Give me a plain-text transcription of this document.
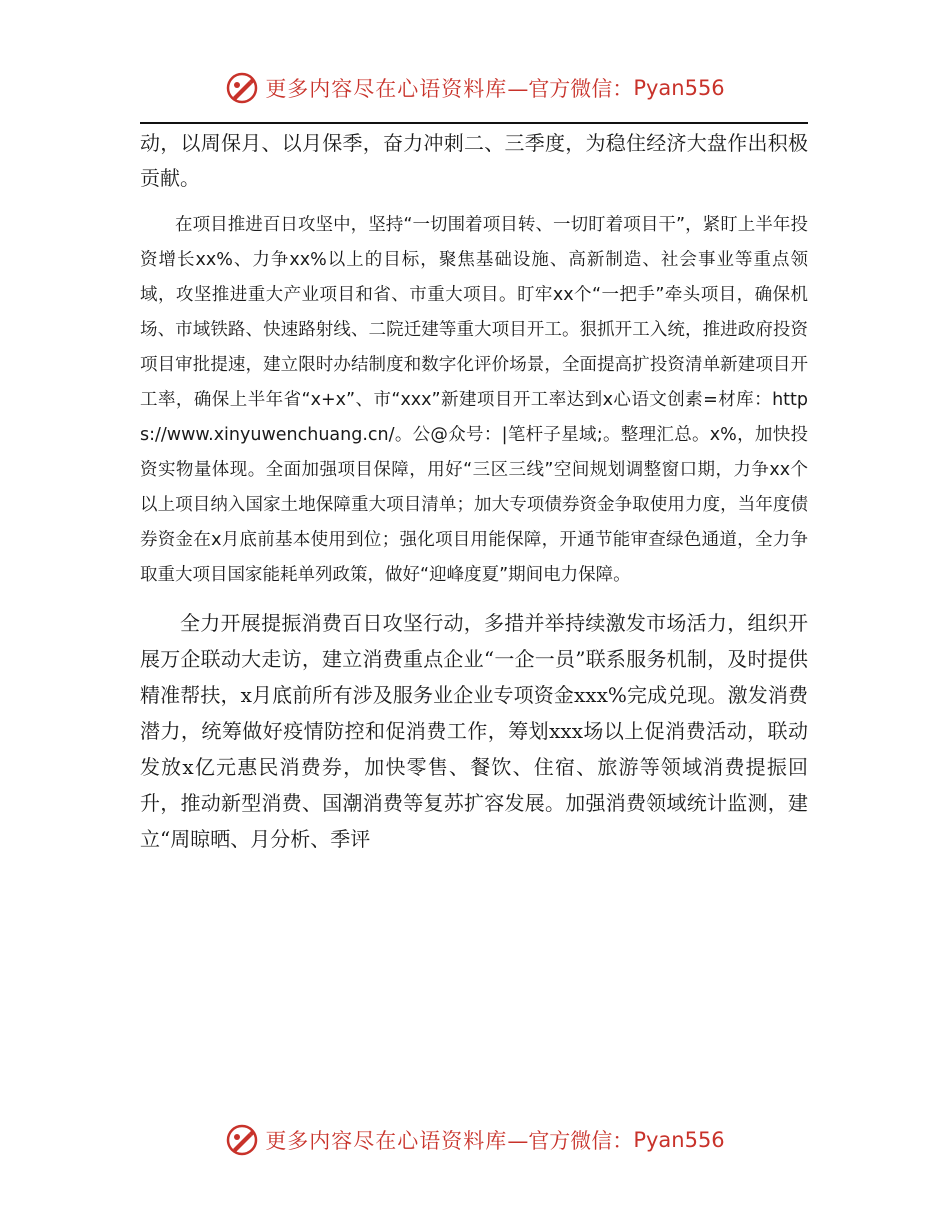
更多内容尽在心语资料库 —官方微信： Pyan556

动，以周保月、以月保季，奋力冲刺二、三季度，为稳住经济大盘作出积极贡献。

在项目推进百日攻坚中，坚持“一切围着项目转、一切盯着项目干”，紧盯上半年投资增长xx%、力争xx%以上的目标，聚焦基础设施、高新制造、社会事业等重点领域，攻坚推进重大产业项目和省、市重大项目。盯牢xx个“一把手”牵头项目，确保机场、市域铁路、快速路射线、二院迁建等重大项目开工。狠抓开工入统，推进政府投资项目审批提速，建立限时办结制度和数字化评价场景，全面提高扩投资清单新建项目开工率，确保上半年省“x+x”、市“xxx”新建项目开工率达到x心语文创素=材库：https://www.xinyuwenchuang.cn/。公@众号：|笔杆子星域;。整理汇总。x%，加快投资实物量体现。全面加强项目保障，用好“三区三线”空间规划调整窗口期，力争xx个以上项目纳入国家土地保障重大项目清单；加大专项债券资金争取使用力度，当年度债券资金在x月底前基本使用到位；强化项目用能保障，开通节能审查绿色通道，全力争取重大项目国家能耗单列政策，做好“迎峰度夏”期间电力保障。

全力开展提振消费百日攻坚行动，多措并举持续激发市场活力，组织开展万企联动大走访，建立消费重点企业“一企一员”联系服务机制，及时提供精准帮扶，x月底前所有涉及服务业企业专项资金xxx%完成兑现。激发消费潜力，统筹做好疫情防控和促消费工作，筹划xxx场以上促消费活动，联动发放x亿元惠民消费券，加快零售、餐饮、住宿、旅游等领域消费提振回升，推动新型消费、国潮消费等复苏扩容发展。加强消费领域统计监测，建立“周晾晒、月分析、季评

更多内容尽在心语资料库 —官方微信： Pyan556
